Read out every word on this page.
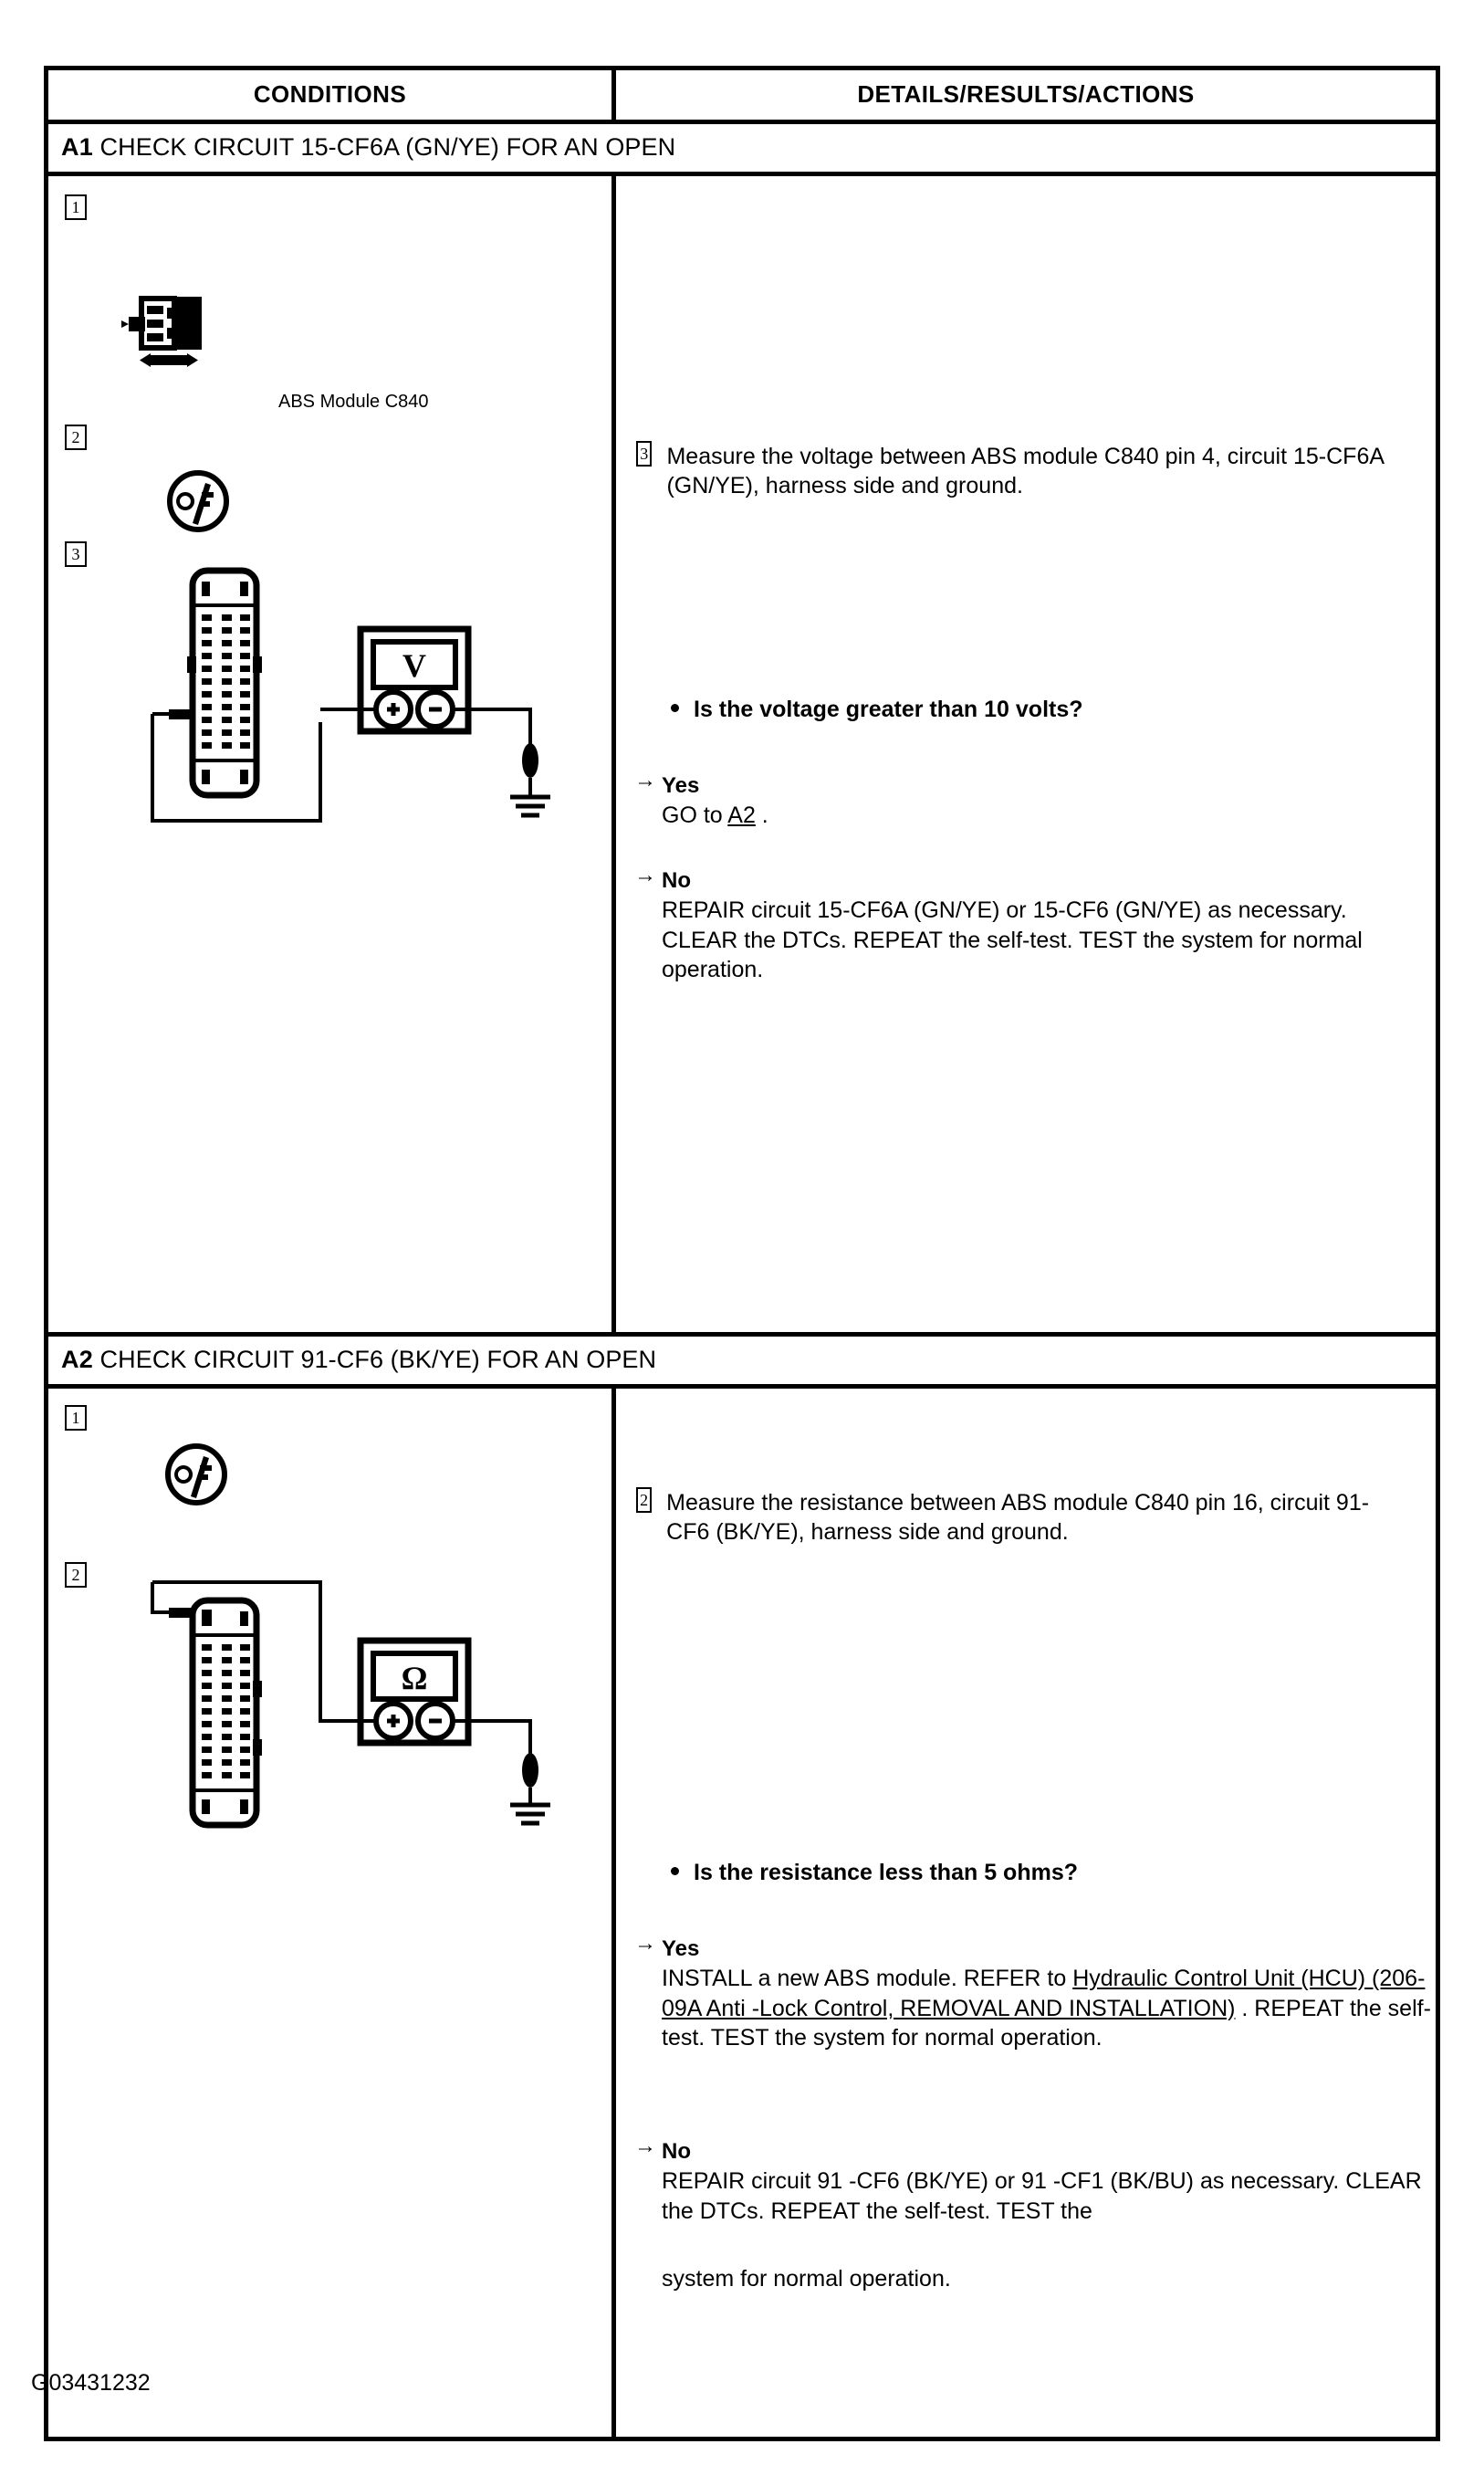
CONDITIONS	DETAILS/RESULTS/ACTIONS
A1 CHECK CIRCUIT 15-CF6A (GN/YE) FOR AN OPEN
1
ABS Module C840
2
3
V
3 Measure the voltage between ABS module C840 pin 4, circuit 15-CF6A (GN/YE), harness side and ground.
Is the voltage greater than 10 volts?
→ Yes
GO to A2 .
→ No
REPAIR circuit 15-CF6A (GN/YE) or 15-CF6 (GN/YE) as necessary. CLEAR the DTCs. REPEAT the self-test. TEST the system for normal operation.
A2 CHECK CIRCUIT 91-CF6 (BK/YE) FOR AN OPEN
1
2
Ω
2 Measure the resistance between ABS module C840 pin 16, circuit 91-CF6 (BK/YE), harness side and ground.
Is the resistance less than 5 ohms?
→ Yes
INSTALL a new ABS module. REFER to Hydraulic Control Unit (HCU) (206-09A Anti -Lock Control, REMOVAL AND INSTALLATION) . REPEAT the self-test. TEST the system for normal operation.
→ No
REPAIR circuit 91 -CF6 (BK/YE) or 91 -CF1 (BK/BU) as necessary. CLEAR the DTCs. REPEAT the self-test. TEST the
system for normal operation.
G03431232
